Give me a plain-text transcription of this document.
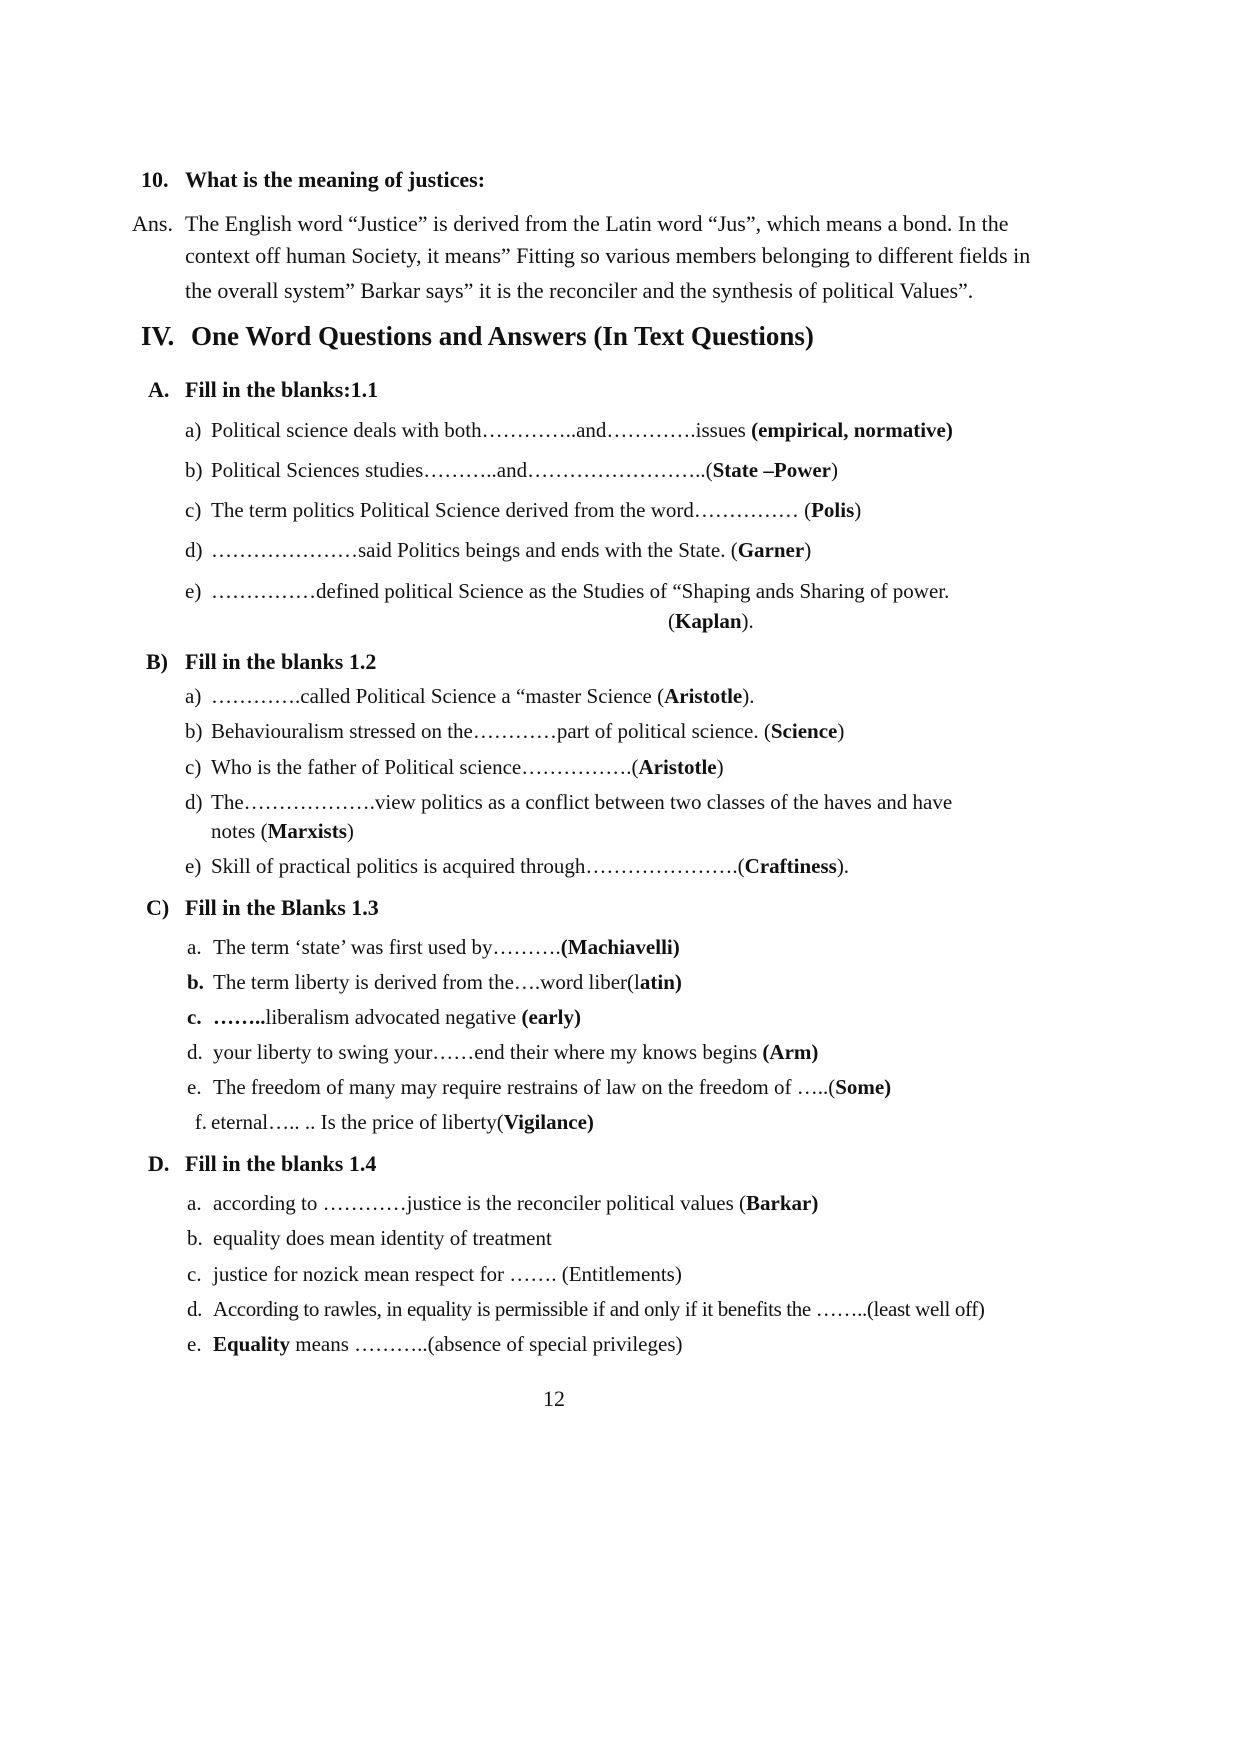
10. What is the meaning of justices:
Ans. The English word “Justice” is derived from the Latin word “Jus”, which means a bond. In the
context off human Society, it means” Fitting so various members belonging to different fields in
the overall system” Barkar says” it is the reconciler and the synthesis of political Values”.
IV. One Word Questions and Answers (In Text Questions)
A. Fill in the blanks:1.1
a) Political science deals with both…………..and………….issues (empirical, normative)
b) Political Sciences studies………..and……………………..(State –Power)
c) The term politics Political Science derived from the word…………… (Polis)
d) …………………said Politics beings and ends with the State. (Garner)
e) ……………defined political Science as the Studies of “Shaping ands Sharing of power.
(Kaplan).
B) Fill in the blanks 1.2
a) ………….called Political Science a “master Science (Aristotle).
b) Behaviouralism stressed on the…………part of political science. (Science)
c) Who is the father of Political science…………….(Aristotle)
d) The……………….view politics as a conflict between two classes of the haves and have
notes (Marxists)
e) Skill of practical politics is acquired through………………….(Craftiness).
C) Fill in the Blanks 1.3
a. The term ‘state’ was first used by……….(Machiavelli)
b. The term liberty is derived from the….word liber(latin)
c. ……..liberalism advocated negative (early)
d. your liberty to swing your……end their where my knows begins (Arm)
e. The freedom of many may require restrains of law on the freedom of …..(Some)
f. eternal….. .. Is the price of liberty(Vigilance)
D. Fill in the blanks 1.4
a. according to …………justice is the reconciler political values (Barkar)
b. equality does mean identity of treatment
c. justice for nozick mean respect for ……. (Entitlements)
d. According to rawles, in equality is permissible if and only if it benefits the ……..(least well off)
e. Equality means ………..(absence of special privileges)
12
